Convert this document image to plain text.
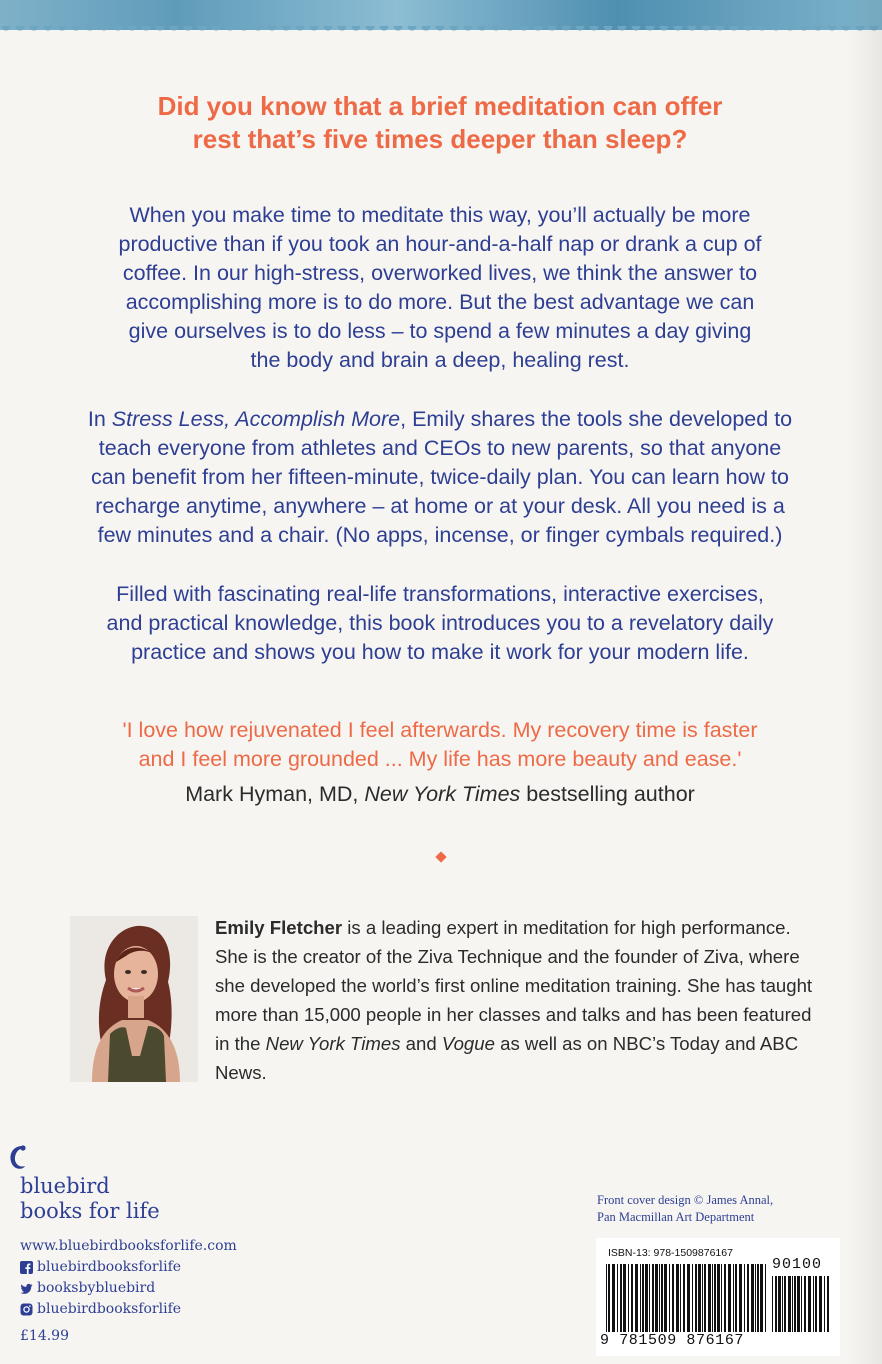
Did you know that a brief meditation can offer
rest that’s five times deeper than sleep?
When you make time to meditate this way, you’ll actually be more
productive than if you took an hour-and-a-half nap or drank a cup of
coffee. In our high-stress, overworked lives, we think the answer to
accomplishing more is to do more. But the best advantage we can
give ourselves is to do less – to spend a few minutes a day giving
the body and brain a deep, healing rest.
In Stress Less, Accomplish More, Emily shares the tools she developed to
teach everyone from athletes and CEOs to new parents, so that anyone
can benefit from her fifteen-minute, twice-daily plan. You can learn how to
recharge anytime, anywhere – at home or at your desk. All you need is a
few minutes and a chair. (No apps, incense, or finger cymbals required.)
Filled with fascinating real-life transformations, interactive exercises,
and practical knowledge, this book introduces you to a revelatory daily
practice and shows you how to make it work for your modern life.
'I love how rejuvenated I feel afterwards. My recovery time is faster
and I feel more grounded ... My life has more beauty and ease.'
Mark Hyman, MD, New York Times bestselling author
Emily Fletcher is a leading expert in meditation for high performance. She is the creator of the Ziva Technique and the founder of Ziva, where she developed the world’s first online meditation training. She has taught more than 15,000 people in her classes and talks and has been featured in the New York Times and Vogue as well as on NBC’s Today and ABC News.
bluebird
books for life
www.bluebirdbooksforlife.com
bluebirdbooksforlife
booksbybluebird
bluebirdbooksforlife
£14.99
Front cover design © James Annal,
Pan Macmillan Art Department
ISBN-13: 978-1509876167
90100
9 781509 876167
